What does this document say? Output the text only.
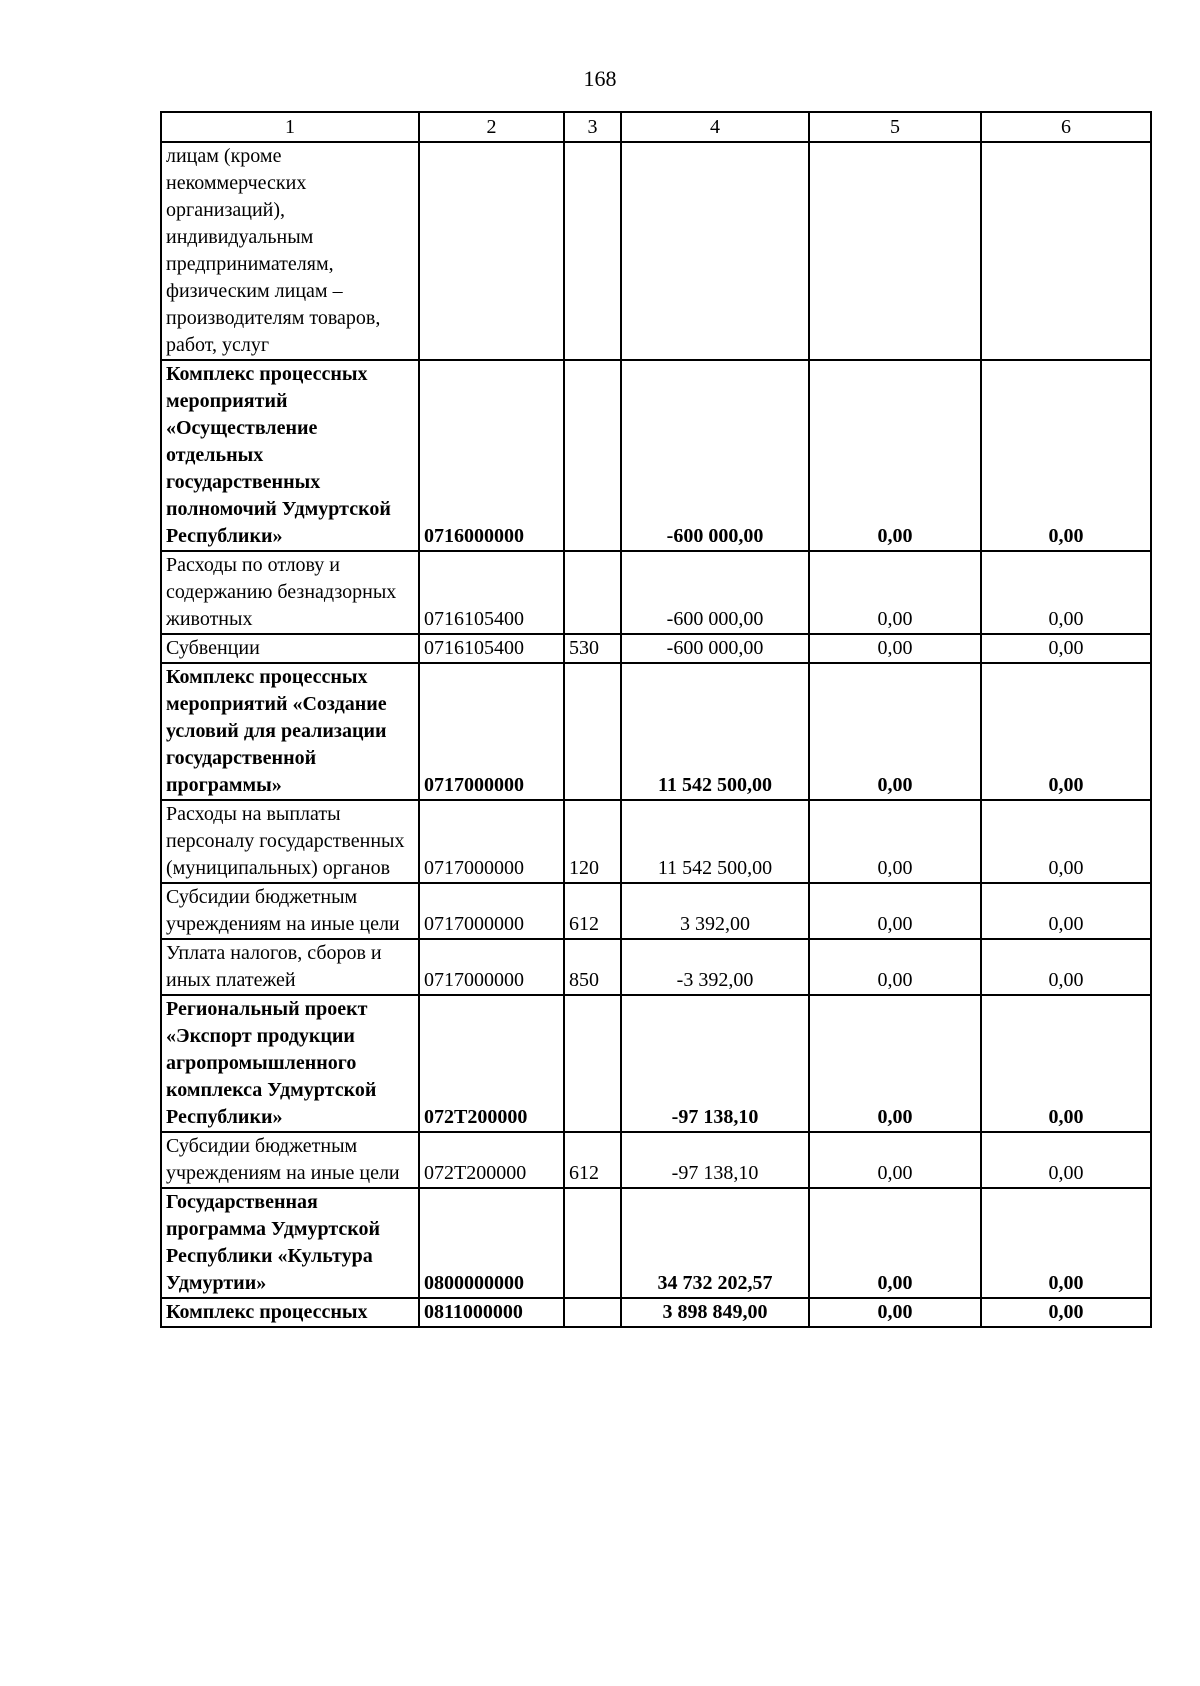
168
1	2	3	4	5	6
лицам (кроме некоммерческих организаций), индивидуальным предпринимателям, физическим лицам – производителям товаров, работ, услуг					
Комплекс процессных мероприятий «Осуществление отдельных государственных полномочий Удмуртской Республики»	0716000000		-600 000,00	0,00	0,00
Расходы по отлову и содержанию безнадзорных животных	0716105400		-600 000,00	0,00	0,00
Субвенции	0716105400	530	-600 000,00	0,00	0,00
Комплекс процессных мероприятий «Создание условий для реализации государственной программы»	0717000000		11 542 500,00	0,00	0,00
Расходы на выплаты персоналу государственных (муниципальных) органов	0717000000	120	11 542 500,00	0,00	0,00
Субсидии бюджетным учреждениям на иные цели	0717000000	612	3 392,00	0,00	0,00
Уплата налогов, сборов и иных платежей	0717000000	850	-3 392,00	0,00	0,00
Региональный проект «Экспорт продукции агропромышленного комплекса Удмуртской Республики»	072Т200000		-97 138,10	0,00	0,00
Субсидии бюджетным учреждениям на иные цели	072Т200000	612	-97 138,10	0,00	0,00
Государственная программа Удмуртской Республики «Культура Удмуртии»	0800000000		34 732 202,57	0,00	0,00
Комплекс процессных	0811000000		3 898 849,00	0,00	0,00
